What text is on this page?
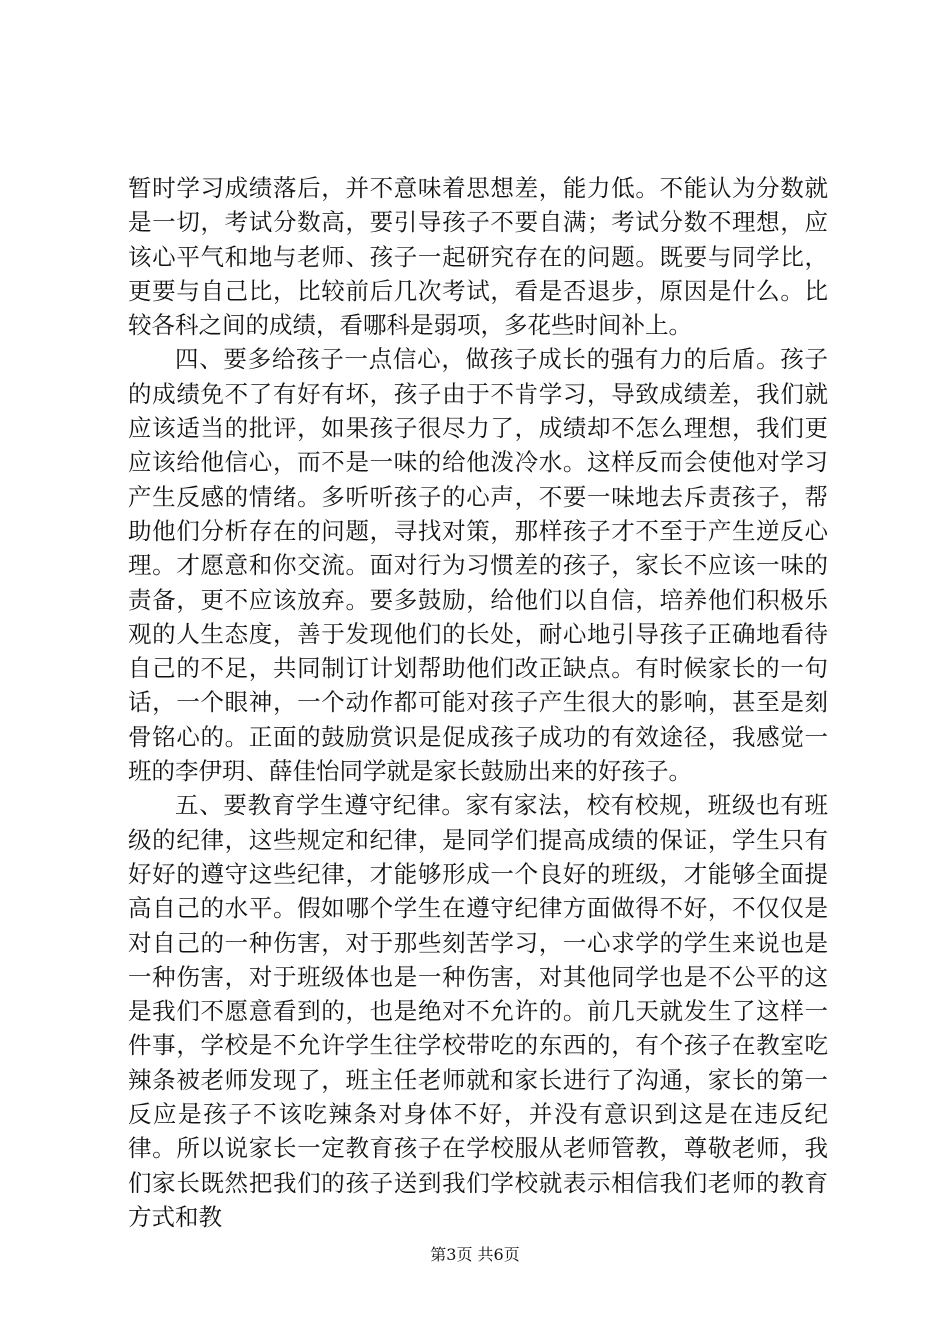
暂时学习成绩落后，并不意味着思想差，能力低。不能认为分数就是一切，考试分数高，要引导孩子不要自满；考试分数不理想，应该心平气和地与老师、孩子一起研究存在的问题。既要与同学比，更要与自己比，比较前后几次考试，看是否退步，原因是什么。比较各科之间的成绩，看哪科是弱项，多花些时间补上。

四、要多给孩子一点信心，做孩子成长的强有力的后盾。孩子的成绩免不了有好有坏，孩子由于不肯学习，导致成绩差，我们就应该适当的批评，如果孩子很尽力了，成绩却不怎么理想，我们更应该给他信心，而不是一味的给他泼冷水。这样反而会使他对学习产生反感的情绪。多听听孩子的心声，不要一味地去斥责孩子，帮助他们分析存在的问题，寻找对策，那样孩子才不至于产生逆反心理。才愿意和你交流。面对行为习惯差的孩子，家长不应该一味的责备，更不应该放弃。要多鼓励，给他们以自信，培养他们积极乐观的人生态度，善于发现他们的长处，耐心地引导孩子正确地看待自己的不足，共同制订计划帮助他们改正缺点。有时候家长的一句话，一个眼神，一个动作都可能对孩子产生很大的影响，甚至是刻骨铭心的。正面的鼓励赏识是促成孩子成功的有效途径，我感觉一班的李伊玥、薛佳怡同学就是家长鼓励出来的好孩子。

五、要教育学生遵守纪律。家有家法，校有校规，班级也有班级的纪律，这些规定和纪律，是同学们提高成绩的保证，学生只有好好的遵守这些纪律，才能够形成一个良好的班级，才能够全面提高自己的水平。假如哪个学生在遵守纪律方面做得不好，不仅仅是对自己的一种伤害，对于那些刻苦学习，一心求学的学生来说也是一种伤害，对于班级体也是一种伤害，对其他同学也是不公平的这是我们不愿意看到的，也是绝对不允许的。前几天就发生了这样一件事，学校是不允许学生往学校带吃的东西的，有个孩子在教室吃辣条被老师发现了，班主任老师就和家长进行了沟通，家长的第一反应是孩子不该吃辣条对身体不好，并没有意识到这是在违反纪律。所以说家长一定教育孩子在学校服从老师管教，尊敬老师，我们家长既然把我们的孩子送到我们学校就表示相信我们老师的教育方式和教

第3页 共6页
